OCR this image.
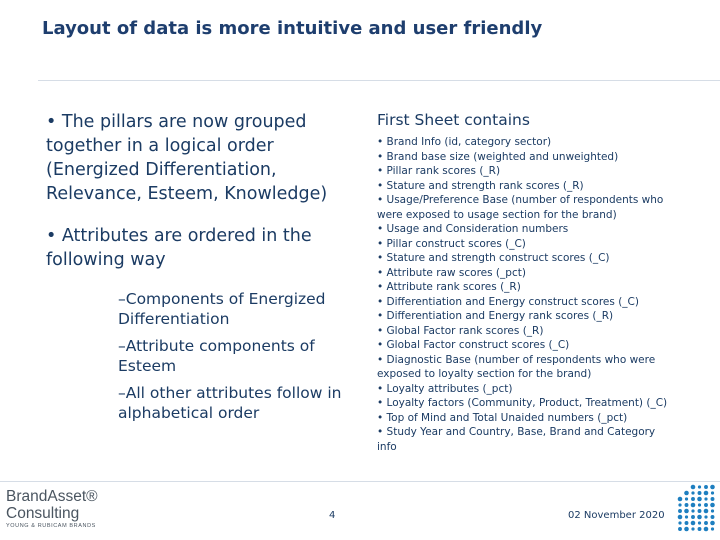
Layout of data is more intuitive and user friendly
• The pillars are now grouped together in a logical order (Energized Differentiation, Relevance, Esteem, Knowledge)
• Attributes are ordered in the following way
–Components of Energized Differentiation
–Attribute components of Esteem
–All other attributes follow in alphabetical order
First Sheet contains
• Brand Info (id, category sector)
• Brand base size (weighted and unweighted)
• Pillar rank scores (_R)
• Stature and strength rank scores (_R)
• Usage/Preference Base (number of respondents who were exposed to usage section for the brand)
• Usage and Consideration numbers
• Pillar construct scores (_C)
• Stature and strength construct scores (_C)
• Attribute raw scores (_pct)
• Attribute rank scores (_R)
• Differentiation and Energy construct scores (_C)
• Differentiation and Energy rank scores (_R)
• Global Factor rank scores (_R)
• Global Factor construct scores (_C)
• Diagnostic Base (number of respondents who were exposed to loyalty section for the brand)
• Loyalty attributes (_pct)
• Loyalty factors (Community, Product, Treatment) (_C)
• Top of Mind and Total Unaided numbers (_pct)
• Study Year and Country, Base, Brand and Category info
BrandAsset®
Consulting
YOUNG & RUBICAM BRANDS
4	02 November 2020
